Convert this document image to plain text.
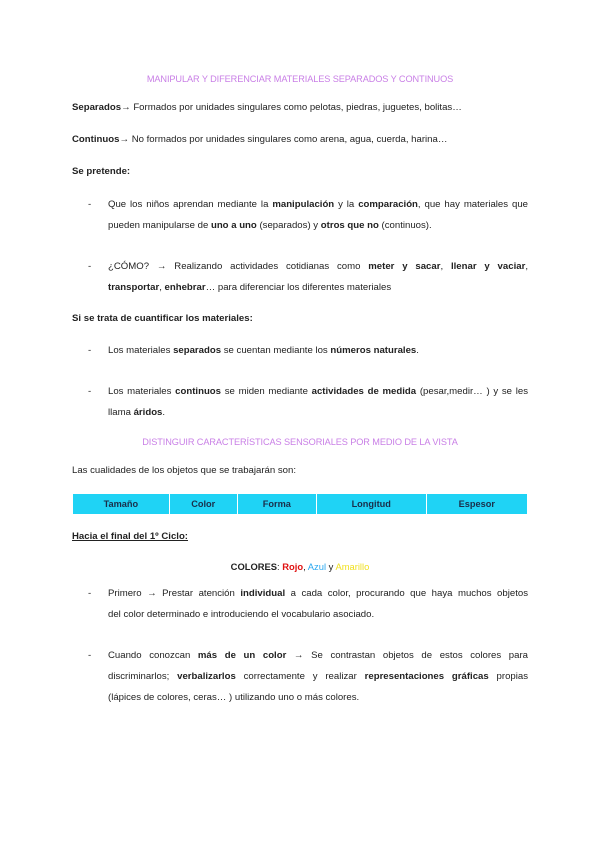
MANIPULAR Y DIFERENCIAR MATERIALES SEPARADOS Y CONTINUOS
Separados→ Formados por unidades singulares como pelotas, piedras, juguetes, bolitas…
Continuos→ No formados por unidades singulares como arena, agua, cuerda, harina…
Se pretende:
- Que los niños aprendan mediante la manipulación y la comparación, que hay materiales que
pueden manipularse de uno a uno (separados) y otros que no (continuos).
- ¿CÓMO? → Realizando actividades cotidianas como meter y sacar, llenar y vaciar,
transportar, enhebrar… para diferenciar los diferentes materiales
Si se trata de cuantificar los materiales:
- Los materiales separados se cuentan mediante los números naturales.
- Los materiales continuos se miden mediante actividades de medida (pesar,medir… ) y se les
llama áridos.
DISTINGUIR CARACTERÍSTICAS SENSORIALES POR MEDIO DE LA VISTA
Las cualidades de los objetos que se trabajarán son:
Tamaño	Color	Forma	Longitud	Espesor
Hacia el final del 1º Ciclo:
COLORES: Rojo, Azul y Amarillo
- Primero → Prestar atención individual a cada color, procurando que haya muchos objetos
del color determinado e introduciendo el vocabulario asociado.
- Cuando conozcan más de un color → Se contrastan objetos de estos colores para
discriminarlos; verbalizarlos correctamente y realizar representaciones gráficas propias
(lápices de colores, ceras… ) utilizando uno o más colores.
